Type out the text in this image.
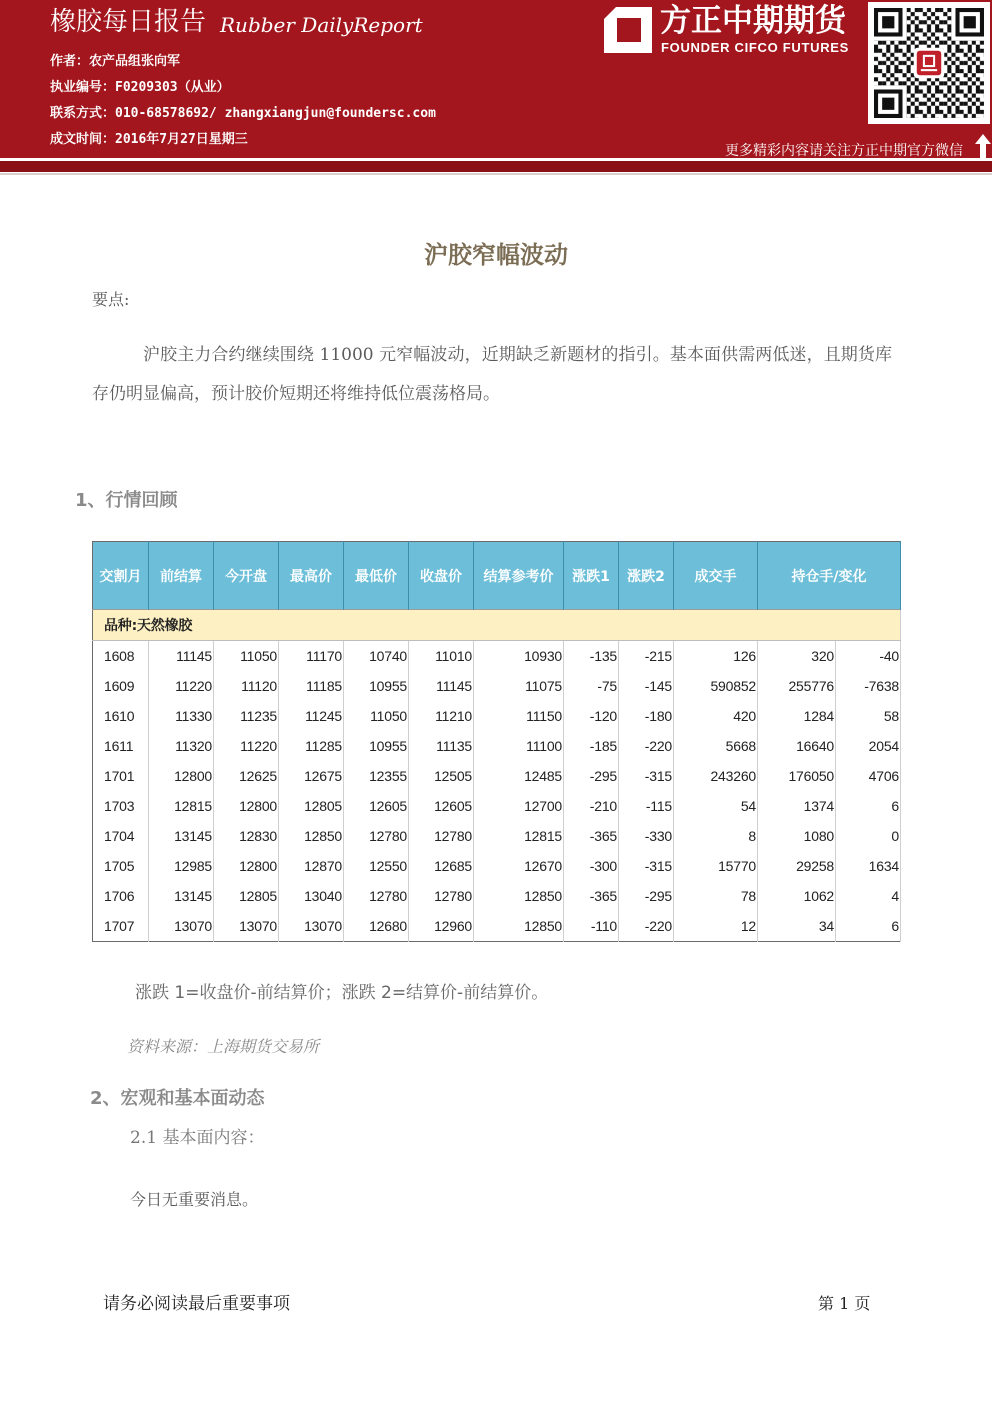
橡胶每日报告 Rubber DailyReport
作者：农产品组张向军
执业编号：F0209303（从业）
联系方式：010-68578692/ zhangxiangjun@foundersc.com
成文时间：2016年7月27日星期三
方正中期期货
FOUNDER CIFCO FUTURES
更多精彩内容请关注方正中期官方微信
沪胶窄幅波动
要点:
沪胶主力合约继续围绕 11000 元窄幅波动，近期缺乏新题材的指引。基本面供需两低迷，且期货库存仍明显偏高，预计胶价短期还将维持低位震荡格局。
1、行情回顾
交割月	前结算	今开盘	最高价	最低价	收盘价	结算参考价	涨跌1	涨跌2	成交手	持仓手/变化	
品种:天然橡胶											
1608	11145	11050	11170	10740	11010	10930	-135	-215	126	320	-40
1609	11220	11120	11185	10955	11145	11075	-75	-145	590852	255776	-7638
1610	11330	11235	11245	11050	11210	11150	-120	-180	420	1284	58
1611	11320	11220	11285	10955	11135	11100	-185	-220	5668	16640	2054
1701	12800	12625	12675	12355	12505	12485	-295	-315	243260	176050	4706
1703	12815	12800	12805	12605	12605	12700	-210	-115	54	1374	6
1704	13145	12830	12850	12780	12780	12815	-365	-330	8	1080	0
1705	12985	12800	12870	12550	12685	12670	-300	-315	15770	29258	1634
1706	13145	12805	13040	12780	12780	12850	-365	-295	78	1062	4
1707	13070	13070	13070	12680	12960	12850	-110	-220	12	34	6
涨跌 1=收盘价-前结算价；涨跌 2=结算价-前结算价。
资料来源：上海期货交易所
2、宏观和基本面动态
2.1 基本面内容：
今日无重要消息。
请务必阅读最后重要事项	第 1 页
